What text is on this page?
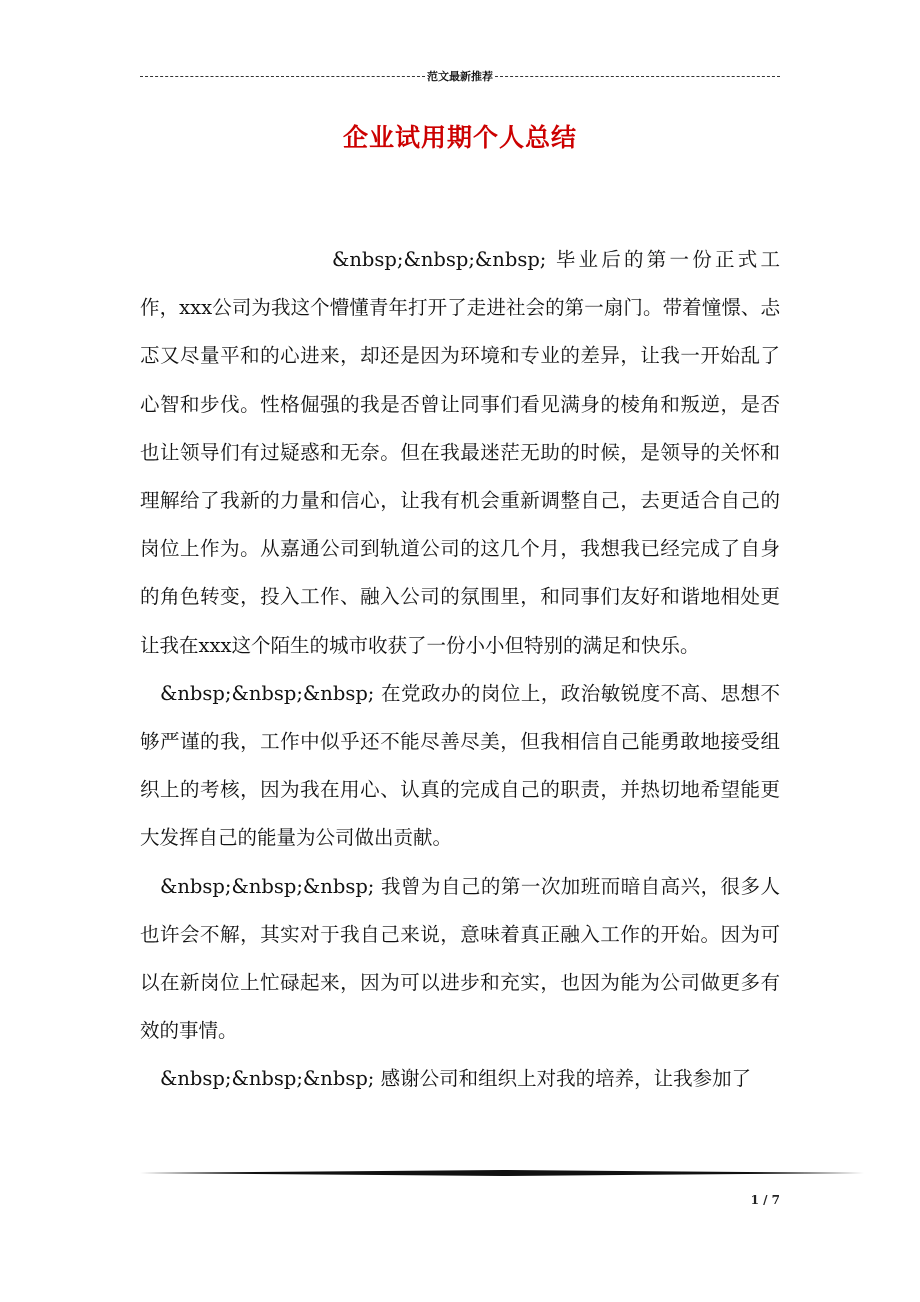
范文最新推荐
企业试用期个人总结

&nbsp;&nbsp;&nbsp; 毕业后的第一份正式工作，xxx公司为我这个懵懂青年打开了走进社会的第一扇门。带着憧憬、忐忑又尽量平和的心进来，却还是因为环境和专业的差异，让我一开始乱了心智和步伐。性格倔强的我是否曾让同事们看见满身的棱角和叛逆，是否也让领导们有过疑惑和无奈。但在我最迷茫无助的时候，是领导的关怀和理解给了我新的力量和信心，让我有机会重新调整自己，去更适合自己的岗位上作为。从嘉通公司到轨道公司的这几个月，我想我已经完成了自身的角色转变，投入工作、融入公司的氛围里，和同事们友好和谐地相处更让我在xxx这个陌生的城市收获了一份小小但特别的满足和快乐。

&nbsp;&nbsp;&nbsp; 在党政办的岗位上，政治敏锐度不高、思想不够严谨的我，工作中似乎还不能尽善尽美，但我相信自己能勇敢地接受组织上的考核，因为我在用心、认真的完成自己的职责，并热切地希望能更大发挥自己的能量为公司做出贡献。

&nbsp;&nbsp;&nbsp; 我曾为自己的第一次加班而暗自高兴，很多人也许会不解，其实对于我自己来说，意味着真正融入工作的开始。因为可以在新岗位上忙碌起来，因为可以进步和充实，也因为能为公司做更多有效的事情。

&nbsp;&nbsp;&nbsp; 感谢公司和组织上对我的培养，让我参加了

1 / 7
